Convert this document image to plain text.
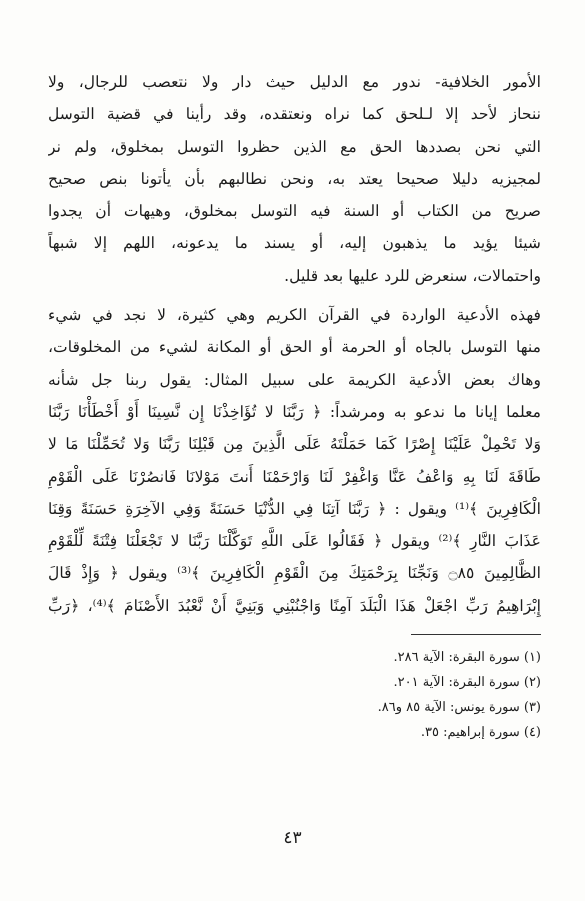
الأمور الخلافية- ندور مع الدليل حيث دار ولا نتعصب للرجال، ولا
ننحاز لأحد إلا لـلحق كما نراه ونعتقده، وقد رأينا في قضية التوسل
التي نحن بصددها الحق مع الذين حظروا التوسل بمخلوق، ولم نر
لمجيزيه دليلا صحيحا يعتد به، ونحن نطالبهم بأن يأتونا بنص صحيح
صريح من الكتاب أو السنة فيه التوسل بمخلوق، وهيهات أن يجدوا
شيئا يؤيد ما يذهبون إليه، أو يسند ما يدعونه، اللهم إلا شبهاً
واحتمالات، سنعرض للرد عليها بعد قليل.

فهذه الأدعية الواردة في القرآن الكريم وهي كثيرة، لا نجد في شيء
منها التوسل بالجاه أو الحرمة أو الحق أو المكانة لشيء من المخلوقات،
وهاك بعض الأدعية الكريمة على سبيل المثال: يقول ربنا جل شأنه
معلما إيانا ما ندعو به ومرشداً: ﴿ رَبَّنَا لا تُؤَاخِذْنَا إِن نَّسِينَا أَوْ أَخْطَأْنَا رَبَّنَا
وَلا تَحْمِلْ عَلَيْنَا إِصْرًا كَمَا حَمَلْتَهُ عَلَى الَّذِينَ مِن قَبْلِنَا رَبَّنَا وَلا تُحَمِّلْنَا مَا لا
طَاقَةَ لَنَا بِهِ وَاعْفُ عَنَّا وَاغْفِرْ لَنَا وَارْحَمْنَا أَنتَ مَوْلانَا فَانصُرْنَا عَلَى الْقَوْمِ
الْكَافِرِينَ ﴾⁽¹⁾ ويقول : ﴿ رَبَّنَا آتِنَا فِي الدُّنْيَا حَسَنَةً وَفِي الآخِرَةِ حَسَنَةً وَقِنَا
عَذَابَ النَّارِ ﴾⁽²⁾ ويقول ﴿ فَقَالُوا عَلَى اللَّهِ تَوَكَّلْنَا رَبَّنَا لا تَجْعَلْنَا فِتْنَةً لِّلْقَوْمِ
الظَّالِمِينَ ۝٨٥ وَنَجِّنَا بِرَحْمَتِكَ مِنَ الْقَوْمِ الْكَافِرِينَ ﴾⁽³⁾ ويقول ﴿ وَإِذْ قَالَ
إِبْرَاهِيمُ رَبِّ اجْعَلْ هَذَا الْبَلَدَ آمِنًا وَاجْنُبْنِي وَبَنِيَّ أَنْ نَّعْبُدَ الأَصْنَامَ ﴾⁽⁴⁾، ﴿رَبِّ

(١) سورة البقرة: الآية ٢٨٦.
(٢) سورة البقرة: الآية ٢٠١.
(٣) سورة يونس: الآية ٨٥ و٨٦.
(٤) سورة إبراهيم: ٣٥.
٤٣
